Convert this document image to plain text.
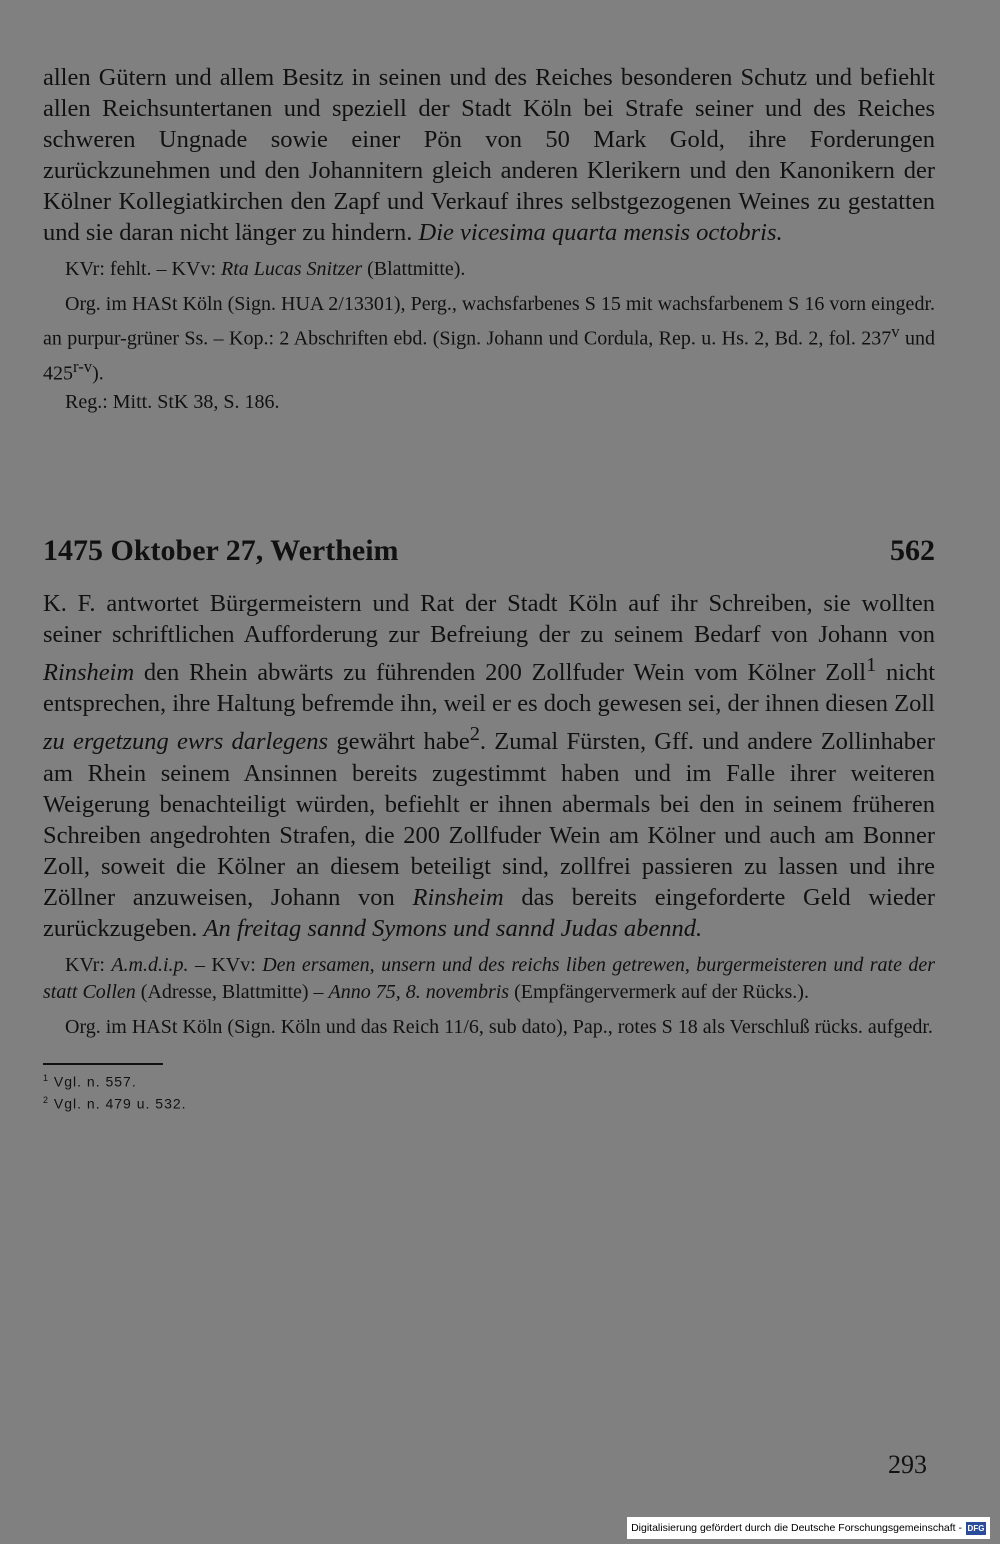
allen Gütern und allem Besitz in seinen und des Reiches besonderen Schutz und befiehlt allen Reichsuntertanen und speziell der Stadt Köln bei Strafe seiner und des Reiches schweren Ungnade sowie einer Pön von 50 Mark Gold, ihre Forderungen zurückzunehmen und den Johannitern gleich anderen Klerikern und den Kanonikern der Kölner Kollegiatkirchen den Zapf und Verkauf ihres selbstgezogenen Weines zu gestatten und sie daran nicht länger zu hindern. Die vicesima quarta mensis octobris.

KVr: fehlt. – KVv: Rta Lucas Snitzer (Blattmitte).

Org. im HASt Köln (Sign. HUA 2/13301), Perg., wachsfarbenes S 15 mit wachsfarbenem S 16 vorn eingedr. an purpur-grüner Ss. – Kop.: 2 Abschriften ebd. (Sign. Johann und Cordula, Rep. u. Hs. 2, Bd. 2, fol. 237$^v$ und 425$^{r-v}$).

Reg.: Mitt. StK 38, S. 186.

1475 Oktober 27, Wertheim	562

K. F. antwortet Bürgermeistern und Rat der Stadt Köln auf ihr Schreiben, sie wollten seiner schriftlichen Aufforderung zur Befreiung der zu seinem Bedarf von Johann von Rinsheim den Rhein abwärts zu führenden 200 Zollfuder Wein vom Kölner Zoll$^1$ nicht entsprechen, ihre Haltung befremde ihn, weil er es doch gewesen sei, der ihnen diesen Zoll zu ergetzung ewrs darlegens gewährt habe$^2$. Zumal Fürsten, Gff. und andere Zollinhaber am Rhein seinem Ansinnen bereits zugestimmt haben und im Falle ihrer weiteren Weigerung benachteiligt würden, befiehlt er ihnen abermals bei den in seinem früheren Schreiben angedrohten Strafen, die 200 Zollfuder Wein am Kölner und auch am Bonner Zoll, soweit die Kölner an diesem beteiligt sind, zollfrei passieren zu lassen und ihre Zöllner anzuweisen, Johann von Rinsheim das bereits eingeforderte Geld wieder zurückzugeben. An freitag sannd Symons und sannd Judas abennd.

KVr: A.m.d.i.p. – KVv: Den ersamen, unsern und des reichs liben getrewen, burgermeisteren und rate der statt Collen (Adresse, Blattmitte) – Anno 75, 8. novembris (Empfängervermerk auf der Rücks.).

Org. im HASt Köln (Sign. Köln und das Reich 11/6, sub dato), Pap., rotes S 18 als Verschluß rücks. aufgedr.

$^1$ Vgl. n. 557.
$^2$ Vgl. n. 479 u. 532.
293
Digitalisierung gefördert durch die Deutsche Forschungsgemeinschaft - DFG
